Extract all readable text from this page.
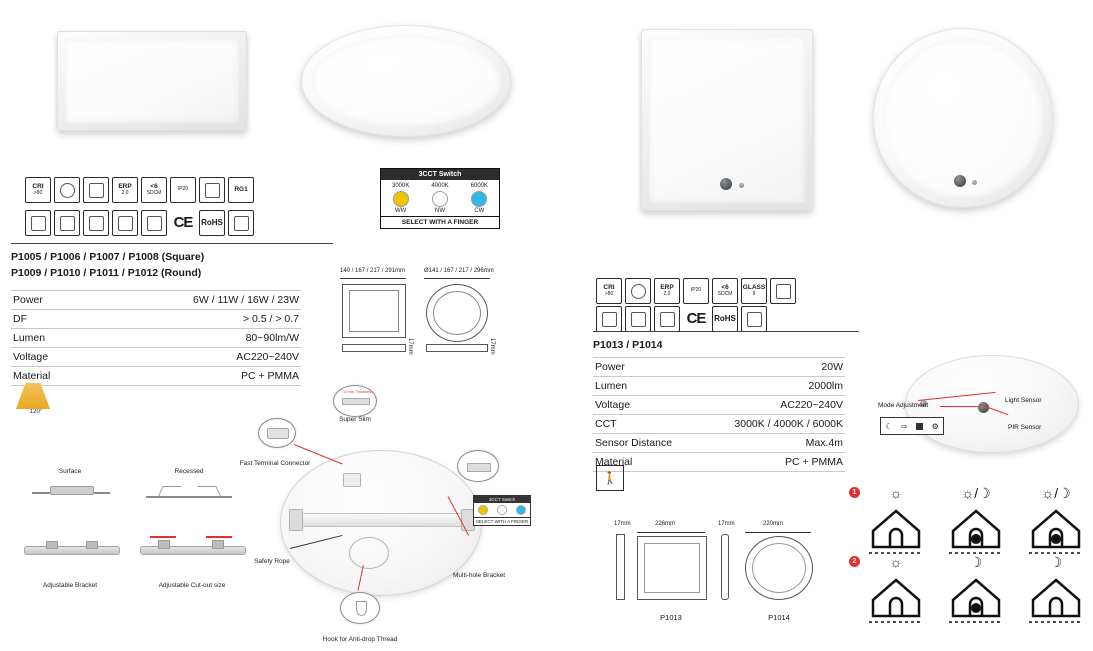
CRI
>80
ERP
2,0
<6
SDCM
IP20	RG1
CE	RoHS
3CCT Switch
3000K
WW
4000K
NW
6000K
CW
SELECT WITH A FINGER
P1005 / P1006 / P1007 / P1008 (Square)
P1009 / P1010 / P1011 / P1012 (Round)
Power	6W / 11W / 16W / 23W
DF	> 0.5 / > 0.7
Lumen	80~90lm/W
Voltage	AC220~240V
Material	PC + PMMA
120°
140 / 167 / 217 / 291mm
17mm
Ø141 / 167 / 217 / 296mm
17mm
Surface	Recessed
Adjustable Bracket	Adjustable Cut-out size
17mm Thickness
Super Slim
Fast Terminal Connector
Safety Rope
Multi-hole Bracket
3CCT Switch
SELECT WITH A FINGER
Hook for Anti-drop Thread
CRI
>80
ERP
2,0
IP20	<6
SDCM
GLASS
II
CE	RoHS
P1013 / P1014
Power	20W
Lumen	2000lm
Voltage	AC220~240V
CCT	3000K / 4000K / 6000K
Sensor Distance	Max.4m
Material	PC + PMMA
🚶
Light Sensor
PIR Sensor
☾ ⇨	⚙
Mode Adjustment
17mm	226mm
P1013
17mm	220mm
P1014
1
2
☼	☼/☽	☼/☽
☼	☽	☽
